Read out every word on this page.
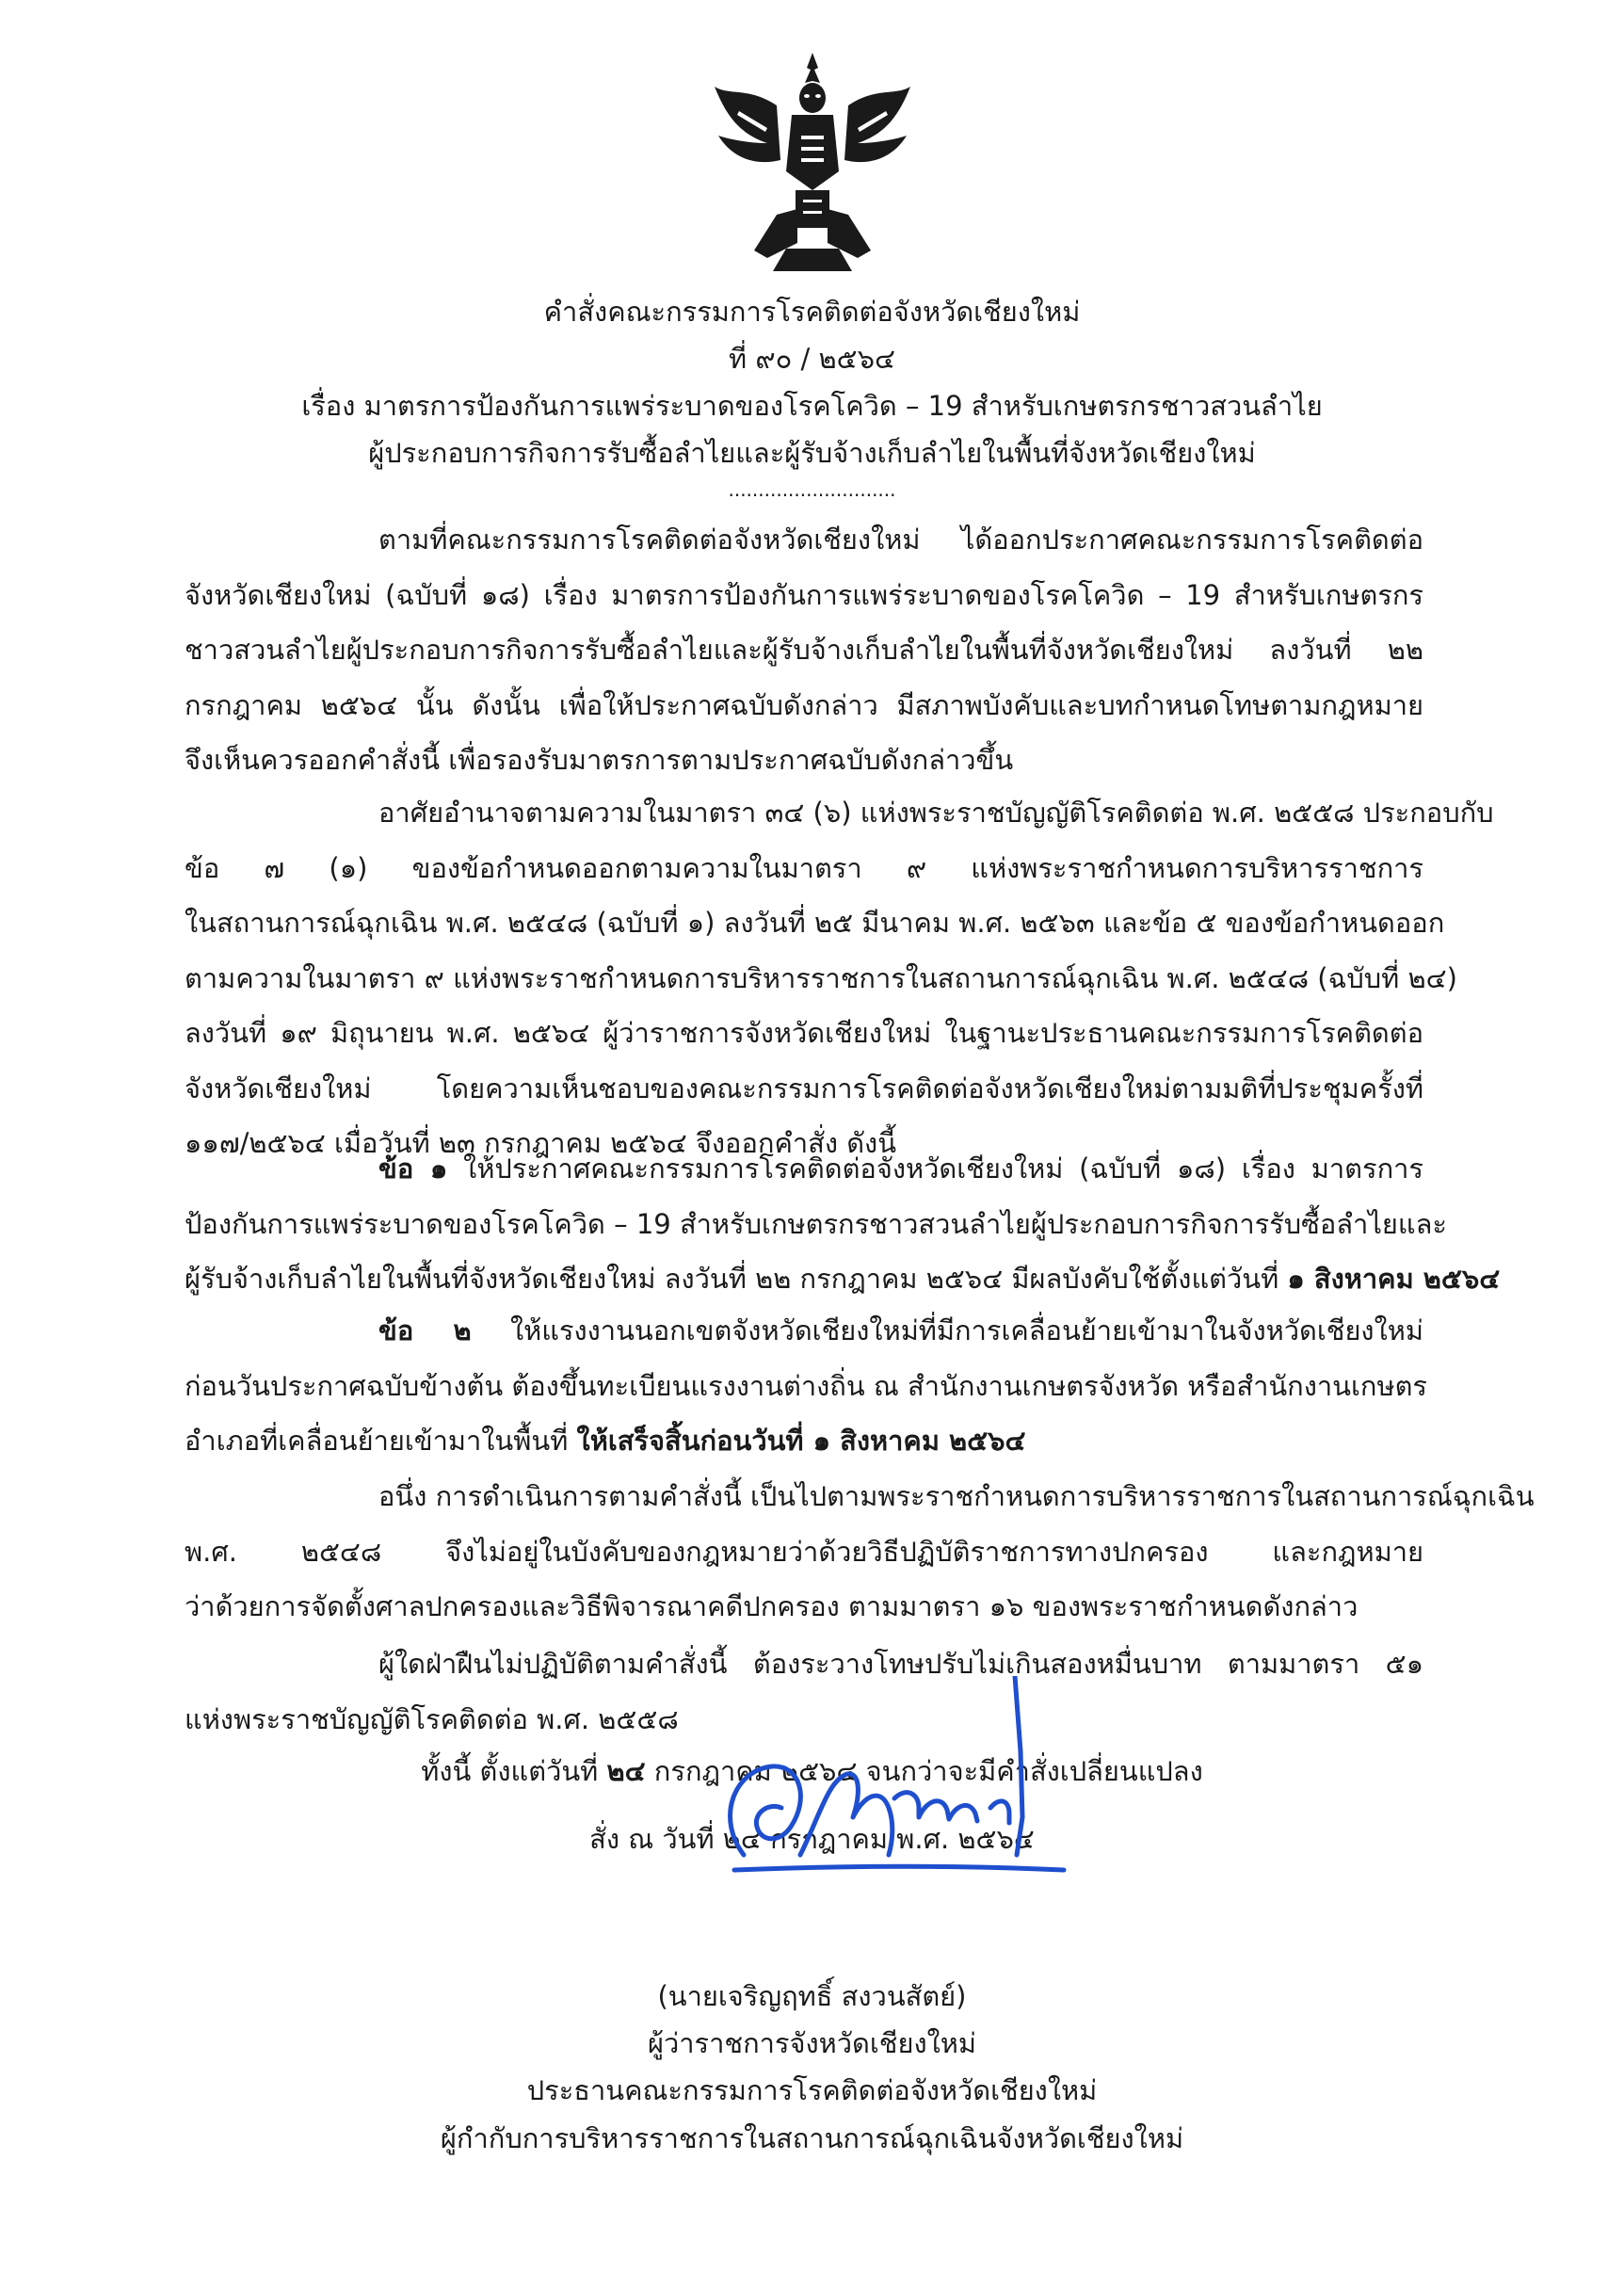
คำสั่งคณะกรรมการโรคติดต่อจังหวัดเชียงใหม่
ที่ ๙๐ / ๒๕๖๔
เรื่อง มาตรการป้องกันการแพร่ระบาดของโรคโควิด – 19 สำหรับเกษตรกรชาวสวนลำไย
ผู้ประกอบการกิจการรับซื้อลำไยและผู้รับจ้างเก็บลำไยในพื้นที่จังหวัดเชียงใหม่
............................
ตามที่คณะกรรมการโรคติดต่อจังหวัดเชียงใหม่ ได้ออกประกาศคณะกรรมการโรคติดต่อ
จังหวัดเชียงใหม่ (ฉบับที่ ๑๘) เรื่อง มาตรการป้องกันการแพร่ระบาดของโรคโควิด – 19 สำหรับเกษตรกร
ชาวสวนลำไยผู้ประกอบการกิจการรับซื้อลำไยและผู้รับจ้างเก็บลำไยในพื้นที่จังหวัดเชียงใหม่ ลงวันที่ ๒๒
กรกฎาคม ๒๕๖๔ นั้น ดังนั้น เพื่อให้ประกาศฉบับดังกล่าว มีสภาพบังคับและบทกำหนดโทษตามกฎหมาย
จึงเห็นควรออกคำสั่งนี้ เพื่อรองรับมาตรการตามประกาศฉบับดังกล่าวขึ้น
อาศัยอำนาจตามความในมาตรา ๓๔ (๖) แห่งพระราชบัญญัติโรคติดต่อ พ.ศ. ๒๕๕๘ ประกอบกับ
ข้อ ๗ (๑) ของข้อกำหนดออกตามความในมาตรา ๙ แห่งพระราชกำหนดการบริหารราชการ
ในสถานการณ์ฉุกเฉิน พ.ศ. ๒๕๔๘ (ฉบับที่ ๑) ลงวันที่ ๒๕ มีนาคม พ.ศ. ๒๕๖๓ และข้อ ๕ ของข้อกำหนดออก
ตามความในมาตรา ๙ แห่งพระราชกำหนดการบริหารราชการในสถานการณ์ฉุกเฉิน พ.ศ. ๒๕๔๘ (ฉบับที่ ๒๔)
ลงวันที่ ๑๙ มิถุนายน พ.ศ. ๒๕๖๔ ผู้ว่าราชการจังหวัดเชียงใหม่ ในฐานะประธานคณะกรรมการโรคติดต่อ
จังหวัดเชียงใหม่ โดยความเห็นชอบของคณะกรรมการโรคติดต่อจังหวัดเชียงใหม่ตามมติที่ประชุมครั้งที่
๑๑๗/๒๕๖๔ เมื่อวันที่ ๒๓ กรกฎาคม ๒๕๖๔ จึงออกคำสั่ง ดังนี้
ข้อ ๑ ให้ประกาศคณะกรรมการโรคติดต่อจังหวัดเชียงใหม่ (ฉบับที่ ๑๘) เรื่อง มาตรการ
ป้องกันการแพร่ระบาดของโรคโควิด – 19 สำหรับเกษตรกรชาวสวนลำไยผู้ประกอบการกิจการรับซื้อลำไยและ
ผู้รับจ้างเก็บลำไยในพื้นที่จังหวัดเชียงใหม่ ลงวันที่ ๒๒ กรกฎาคม ๒๕๖๔ มีผลบังคับใช้ตั้งแต่วันที่ ๑ สิงหาคม ๒๕๖๔
ข้อ ๒ ให้แรงงานนอกเขตจังหวัดเชียงใหม่ที่มีการเคลื่อนย้ายเข้ามาในจังหวัดเชียงใหม่
ก่อนวันประกาศฉบับข้างต้น ต้องขึ้นทะเบียนแรงงานต่างถิ่น ณ สำนักงานเกษตรจังหวัด หรือสำนักงานเกษตร
อำเภอที่เคลื่อนย้ายเข้ามาในพื้นที่ ให้เสร็จสิ้นก่อนวันที่ ๑ สิงหาคม ๒๕๖๔
อนึ่ง การดำเนินการตามคำสั่งนี้ เป็นไปตามพระราชกำหนดการบริหารราชการในสถานการณ์ฉุกเฉิน
พ.ศ. ๒๕๔๘ จึงไม่อยู่ในบังคับของกฎหมายว่าด้วยวิธีปฏิบัติราชการทางปกครอง และกฎหมาย
ว่าด้วยการจัดตั้งศาลปกครองและวิธีพิจารณาคดีปกครอง ตามมาตรา ๑๖ ของพระราชกำหนดดังกล่าว
ผู้ใดฝ่าฝืนไม่ปฏิบัติตามคำสั่งนี้ ต้องระวางโทษปรับไม่เกินสองหมื่นบาท ตามมาตรา ๕๑
แห่งพระราชบัญญัติโรคติดต่อ พ.ศ. ๒๕๕๘
ทั้งนี้ ตั้งแต่วันที่ ๒๔ กรกฎาคม ๒๕๖๔ จนกว่าจะมีคำสั่งเปลี่ยนแปลง
สั่ง ณ วันที่ ๒๔ กรกฎาคม พ.ศ. ๒๕๖๔
(นายเจริญฤทธิ์ สงวนสัตย์)
ผู้ว่าราชการจังหวัดเชียงใหม่
ประธานคณะกรรมการโรคติดต่อจังหวัดเชียงใหม่
ผู้กำกับการบริหารราชการในสถานการณ์ฉุกเฉินจังหวัดเชียงใหม่
